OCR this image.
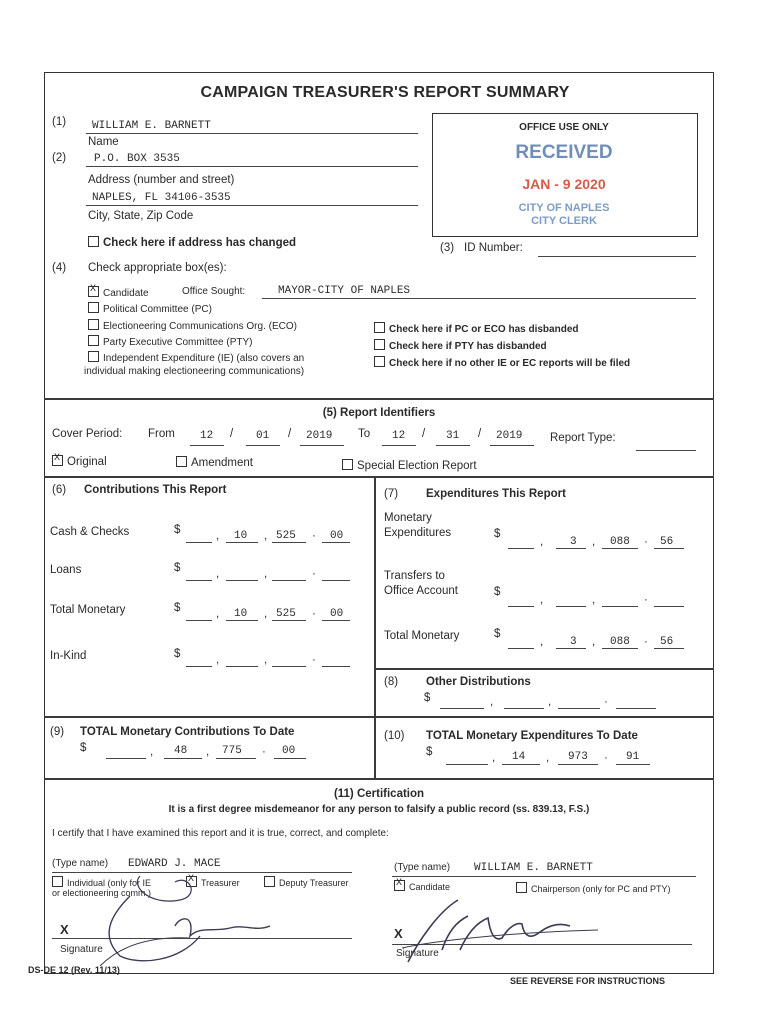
CAMPAIGN TREASURER'S REPORT SUMMARY
(1) WILLIAM E. BARNETT
Name
(2)	P.O. BOX 3535
Address (number and street)
NAPLES, FL 34106-3535
City, State, Zip Code
Check here if address has changed
OFFICE USE ONLY
RECEIVED
JAN - 9 2020
CITY OF NAPLES
CITY CLERK
(3) ID Number:
(4) Check appropriate box(es):
XCandidate	Office Sought:	MAYOR-CITY OF NAPLES
Political Committee (PC)
Electioneering Communications Org. (ECO)
Party Executive Committee (PTY)
Independent Expenditure (IE) (also covers an
individual making electioneering communications)
Check here if PC or ECO has disbanded
Check here if PTY has disbanded
Check here if no other IE or EC reports will be filed
(5) Report Identifiers
Cover Period: From 12 / 01 / 2019 To 12 / 31 / 2019 Report Type:
XOriginal	Amendment	Special Election Report
(6) Contributions This Report
Cash & Checks	$	, 10 , 525 · 00
Loans	$	,	,	·
Total Monetary	$	, 10 , 525 · 00
In-Kind	$	,	,	·
(7) Expenditures This Report
Monetary
Expenditures	$
, 3 , 088 · 56
Transfers to
Office Account	$
,	,	·
Total Monetary	$
, 3 , 088 · 56
(8) Other Distributions
$	,	,	·
(9) TOTAL Monetary Contributions To Date
$	, 48 , 775 · 00
(10) TOTAL Monetary Expenditures To Date
$	, 14 , 973 · 91
(11) Certification
It is a first degree misdemeanor for any person to falsify a public record (ss. 839.13, F.S.)
I certify that I have examined this report and it is true, correct, and complete:
(Type name) EDWARD J. MACE
Individual (only for IE
or electioneering comm.)
XTreasurer	Deputy Treasurer
X
Signature
(Type name) WILLIAM E. BARNETT
XCandidate	Chairperson (only for PC and PTY)
X
Signature
DS-DE 12 (Rev. 11/13)
SEE REVERSE FOR INSTRUCTIONS
